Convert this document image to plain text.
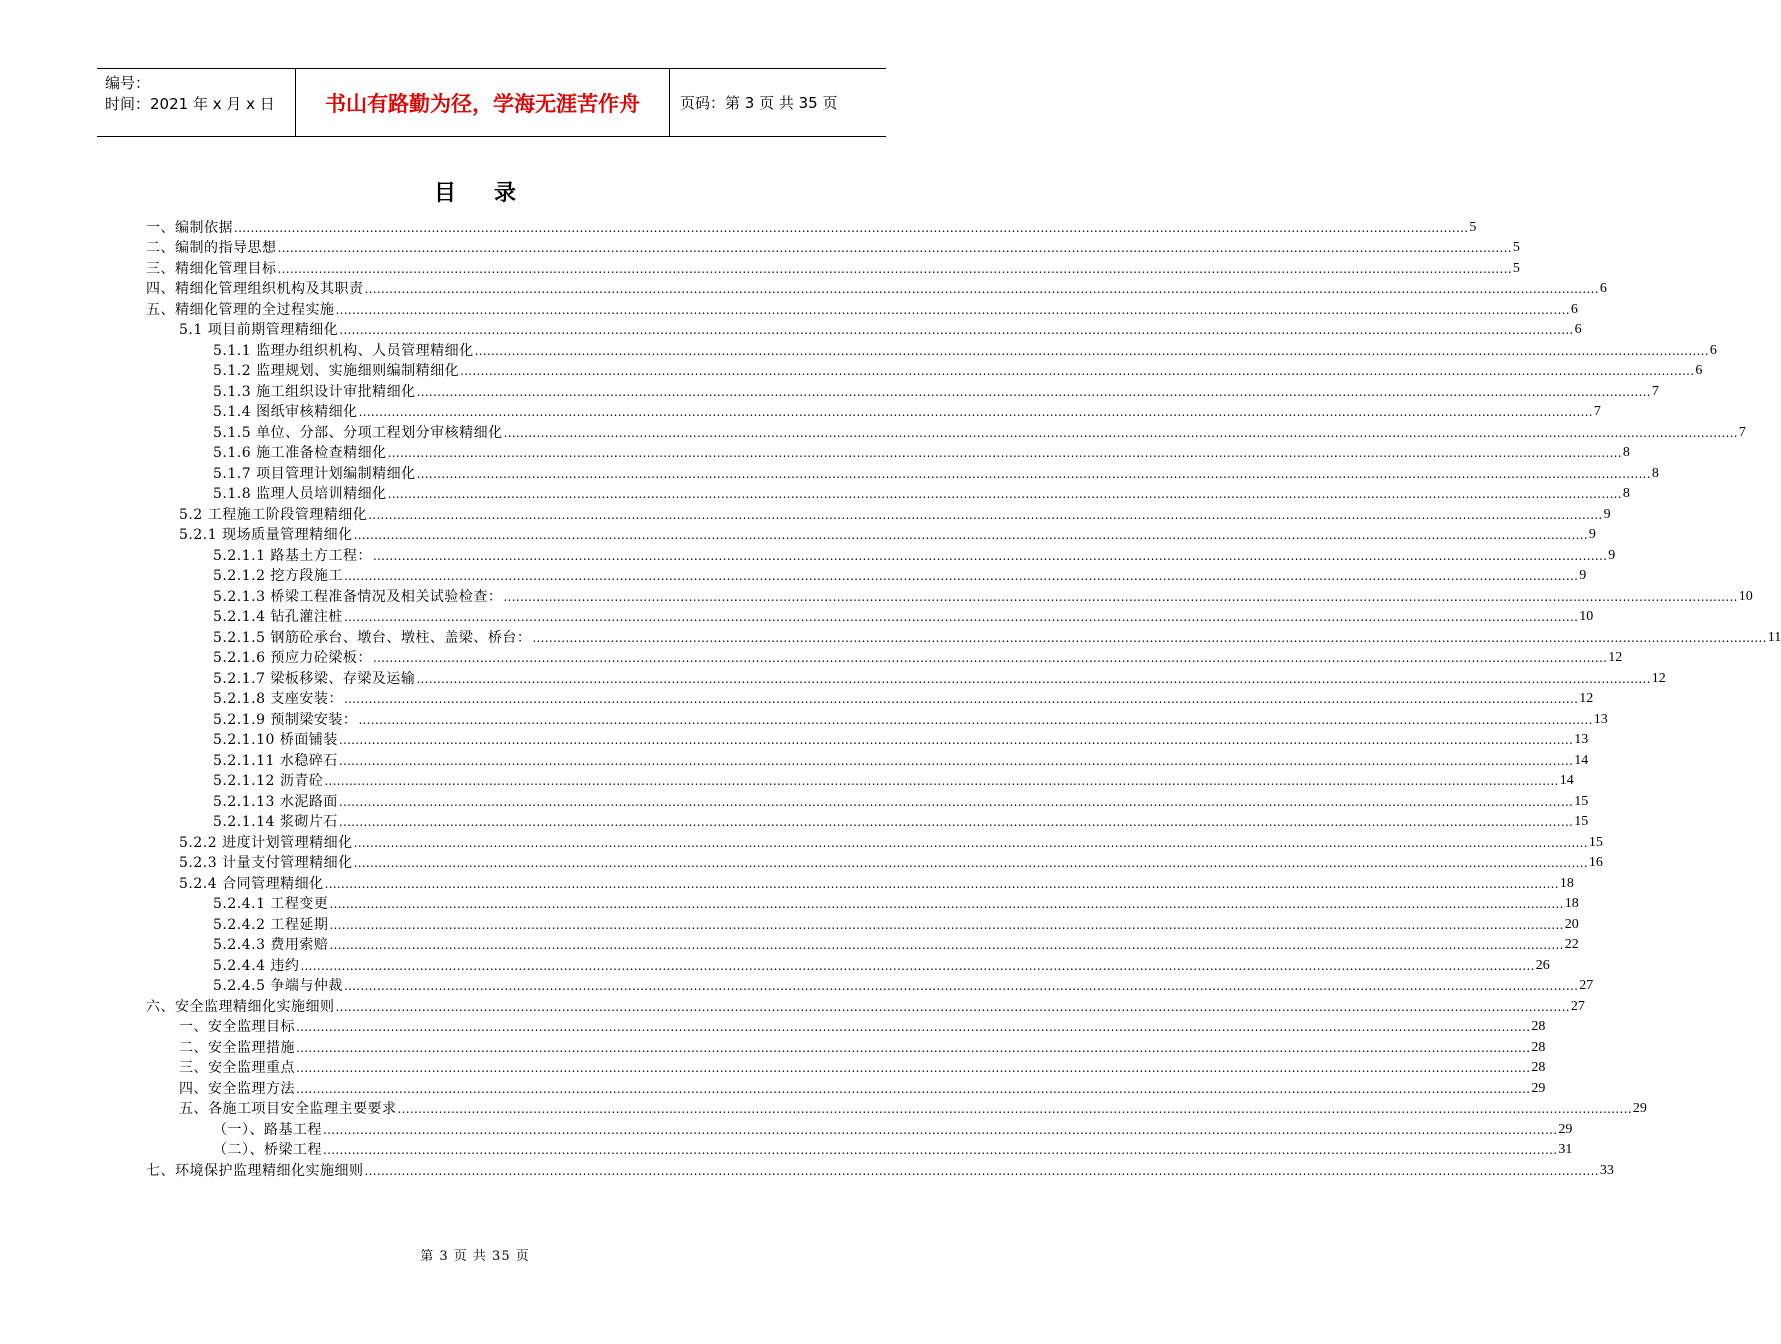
编号：
时间：2021 年 x 月 x 日	书山有路勤为径，学海无涯苦作舟	页码：第 3 页 共 35 页
目录
一、编制依据 ............................................................................................................................................................................................................................................................................................................ 5
二、编制的指导思想 ............................................................................................................................................................................................................................................................................................................ 5
三、精细化管理目标 ............................................................................................................................................................................................................................................................................................................ 5
四、精细化管理组织机构及其职责 ............................................................................................................................................................................................................................................................................................................ 6
五、精细化管理的全过程实施 ............................................................................................................................................................................................................................................................................................................ 6
5.1 项目前期管理精细化 ............................................................................................................................................................................................................................................................................................................ 6
5.1.1 监理办组织机构、人员管理精细化 ............................................................................................................................................................................................................................................................................................................ 6
5.1.2 监理规划、实施细则编制精细化 ............................................................................................................................................................................................................................................................................................................ 6
5.1.3 施工组织设计审批精细化 ............................................................................................................................................................................................................................................................................................................ 7
5.1.4 图纸审核精细化 ............................................................................................................................................................................................................................................................................................................ 7
5.1.5 单位、分部、分项工程划分审核精细化 ............................................................................................................................................................................................................................................................................................................ 7
5.1.6 施工准备检查精细化 ............................................................................................................................................................................................................................................................................................................ 8
5.1.7 项目管理计划编制精细化 ............................................................................................................................................................................................................................................................................................................ 8
5.1.8 监理人员培训精细化 ............................................................................................................................................................................................................................................................................................................ 8
5.2 工程施工阶段管理精细化 ............................................................................................................................................................................................................................................................................................................ 9
5.2.1 现场质量管理精细化 ............................................................................................................................................................................................................................................................................................................ 9
5.2.1.1 路基土方工程： ............................................................................................................................................................................................................................................................................................................ 9
5.2.1.2 挖方段施工 ............................................................................................................................................................................................................................................................................................................ 9
5.2.1.3 桥梁工程准备情况及相关试验检查： ............................................................................................................................................................................................................................................................................................................ 10
5.2.1.4 钻孔灌注桩 ............................................................................................................................................................................................................................................................................................................ 10
5.2.1.5 钢筋砼承台、墩台、墩柱、盖梁、桥台： ............................................................................................................................................................................................................................................................................................................ 11
5.2.1.6 预应力砼梁板： ............................................................................................................................................................................................................................................................................................................ 12
5.2.1.7 梁板移梁、存梁及运输 ............................................................................................................................................................................................................................................................................................................ 12
5.2.1.8 支座安装： ............................................................................................................................................................................................................................................................................................................ 12
5.2.1.9 预制梁安装： ............................................................................................................................................................................................................................................................................................................ 13
5.2.1.10 桥面铺装 ............................................................................................................................................................................................................................................................................................................ 13
5.2.1.11 水稳碎石 ............................................................................................................................................................................................................................................................................................................ 14
5.2.1.12 沥青砼 ............................................................................................................................................................................................................................................................................................................ 14
5.2.1.13 水泥路面 ............................................................................................................................................................................................................................................................................................................ 15
5.2.1.14 浆砌片石 ............................................................................................................................................................................................................................................................................................................ 15
5.2.2 进度计划管理精细化 ............................................................................................................................................................................................................................................................................................................ 15
5.2.3 计量支付管理精细化 ............................................................................................................................................................................................................................................................................................................ 16
5.2.4 合同管理精细化 ............................................................................................................................................................................................................................................................................................................ 18
5.2.4.1 工程变更 ............................................................................................................................................................................................................................................................................................................ 18
5.2.4.2 工程延期 ............................................................................................................................................................................................................................................................................................................ 20
5.2.4.3 费用索赔 ............................................................................................................................................................................................................................................................................................................ 22
5.2.4.4 违约 ............................................................................................................................................................................................................................................................................................................ 26
5.2.4.5 争端与仲裁 ............................................................................................................................................................................................................................................................................................................ 27
六、安全监理精细化实施细则 ............................................................................................................................................................................................................................................................................................................ 27
一、安全监理目标 ............................................................................................................................................................................................................................................................................................................ 28
二、安全监理措施 ............................................................................................................................................................................................................................................................................................................ 28
三、安全监理重点 ............................................................................................................................................................................................................................................................................................................ 28
四、安全监理方法 ............................................................................................................................................................................................................................................................................................................ 29
五、各施工项目安全监理主要要求 ............................................................................................................................................................................................................................................................................................................ 29
（一）、路基工程 ............................................................................................................................................................................................................................................................................................................ 29
（二）、桥梁工程 ............................................................................................................................................................................................................................................................................................................ 31
七、环境保护监理精细化实施细则 ............................................................................................................................................................................................................................................................................................................ 33
第 3 页 共 35 页
